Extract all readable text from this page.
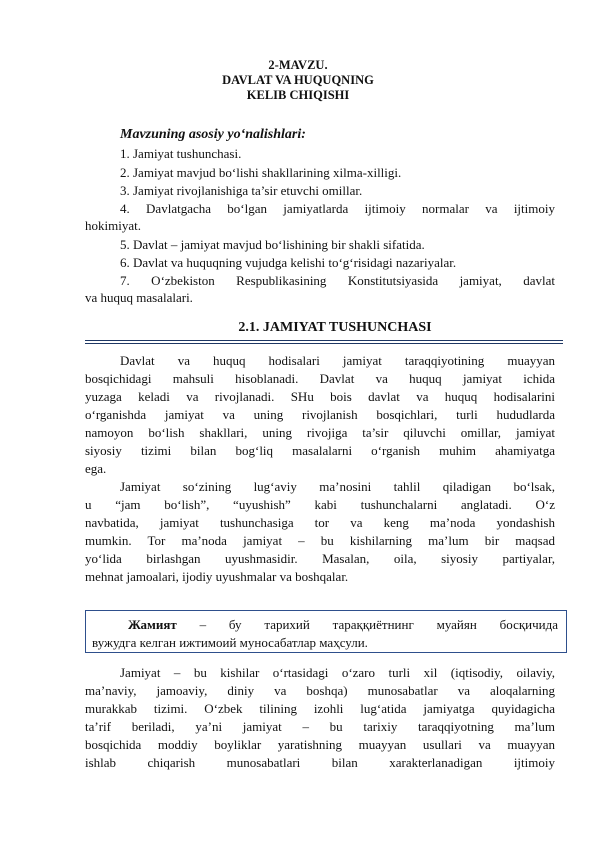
2-MAVZU.
DAVLAT VA HUQUQNING
KELIB CHIQISHI
Mavzuning asosiy yo‘nalishlari:
1. Jamiyat tushunchasi.
2. Jamiyat mavjud bo‘lishi shakllarining xilma-xilligi.
3. Jamiyat rivojlanishiga ta’sir etuvchi omillar.
4. Davlatgacha bo‘lgan jamiyatlarda ijtimoiy normalar va ijtimoiy
hokimiyat.
5. Davlat – jamiyat mavjud bo‘lishining bir shakli sifatida.
6. Davlat va huquqning vujudga kelishi to‘g‘risidagi nazariyalar.
7. O‘zbekiston Respublikasining Konstitutsiyasida jamiyat, davlat
va huquq masalalari.
2.1. JAMIYAT TUSHUNCHASI
Davlat va huquq hodisalari jamiyat taraqqiyotining muayyan
bosqichidagi mahsuli hisoblanadi. Davlat va huquq jamiyat ichida
yuzaga keladi va rivojlanadi. SHu bois davlat va huquq hodisalarini
o‘rganishda jamiyat va uning rivojlanish bosqichlari, turli hududlarda
namoyon bo‘lish shakllari, uning rivojiga ta’sir qiluvchi omillar, jamiyat
siyosiy tizimi bilan bog‘liq masalalarni o‘rganish muhim ahamiyatga
ega.
Jamiyat so‘zining lug‘aviy ma’nosini tahlil qiladigan bo‘lsak,
u “jam bo‘lish”, “uyushish” kabi tushunchalarni anglatadi. O‘z
navbatida, jamiyat tushunchasiga tor va keng ma’noda yondashish
mumkin. Tor ma’noda jamiyat – bu kishilarning ma’lum bir maqsad
yo‘lida birlashgan uyushmasidir. Masalan, oila, siyosiy partiyalar,
mehnat jamoalari, ijodiy uyushmalar va boshqalar.
Жамият – бу тарихий тараққиётнинг муайян босқичида
вужудга келган ижтимоий муносабатлар маҳсули.
Jamiyat – bu kishilar o‘rtasidagi o‘zaro turli xil (iqtisodiy, oilaviy,
ma’naviy, jamoaviy, diniy va boshqa) munosabatlar va aloqalarning
murakkab tizimi. O‘zbek tilining izohli lug‘atida jamiyatga quyidagicha
ta’rif beriladi, ya’ni jamiyat – bu tarixiy taraqqiyotning ma’lum
bosqichida moddiy boyliklar yaratishning muayyan usullari va muayyan
ishlab chiqarish munosabatlari bilan xarakterlanadigan ijtimoiy
